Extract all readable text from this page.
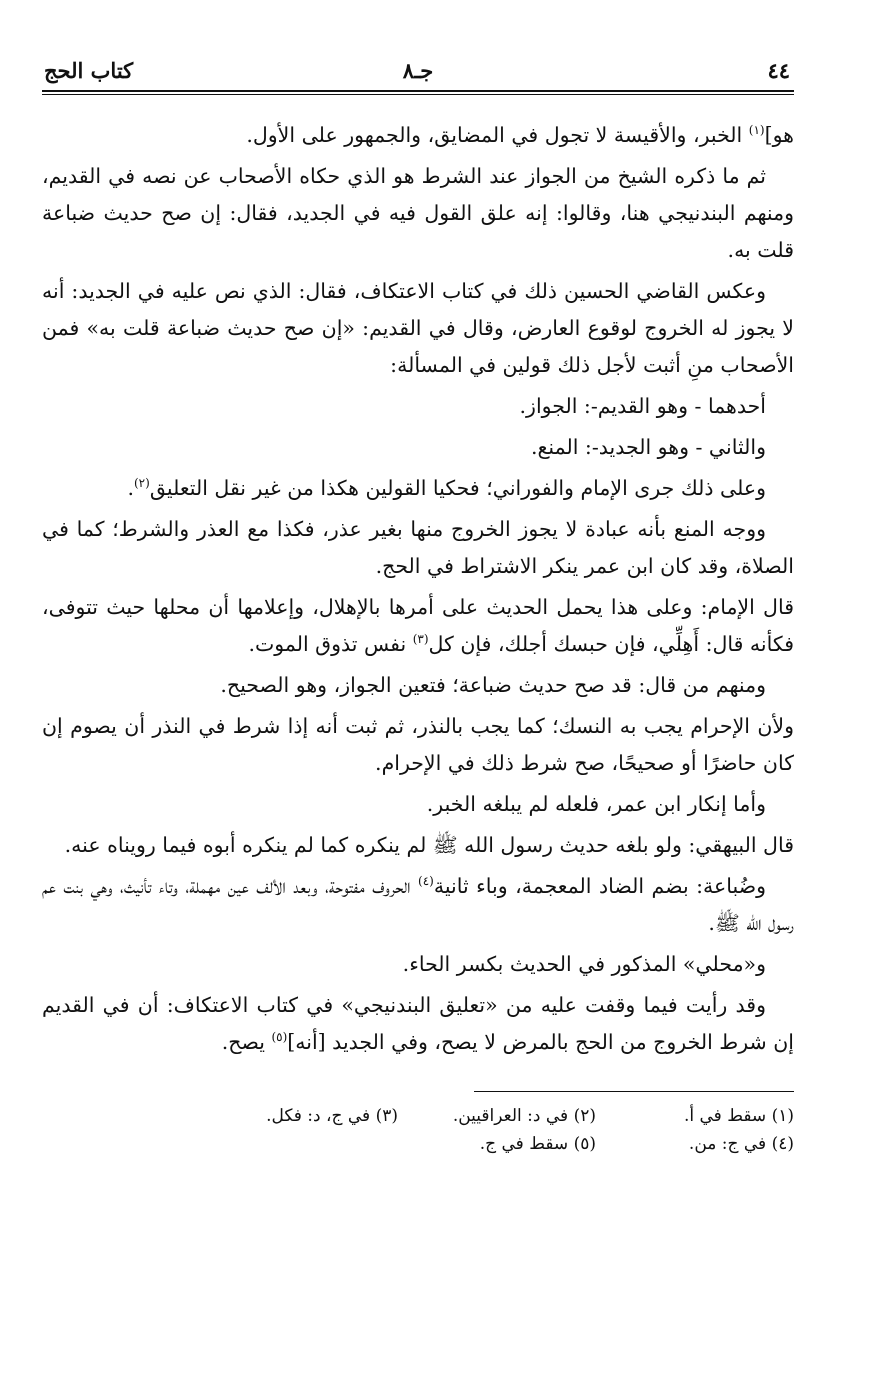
٤٤
جـ٨
كتاب الحج

هو]$^{(١)}$ الخبر، والأقيسة لا تجول في المضايق، والجمهور على الأول.

ثم ما ذكره الشيخ من الجواز عند الشرط هو الذي حكاه الأصحاب عن نصه في القديم، ومنهم البندنيجي هنا، وقالوا: إنه علق القول فيه في الجديد، فقال: إن صح حديث ضباعة قلت به.

وعكس القاضي الحسين ذلك في كتاب الاعتكاف، فقال: الذي نص عليه في الجديد: أنه لا يجوز له الخروج لوقوع العارض، وقال في القديم: «إن صح حديث ضباعة قلت به» فمن الأصحاب منِ أثبت لأجل ذلك قولين في المسألة:

أحدهما - وهو القديم-: الجواز.

والثاني - وهو الجديد-: المنع.

وعلى ذلك جرى الإمام والفوراني؛ فحكيا القولين هكذا من غير نقل التعليق$^{(٢)}$.

ووجه المنع بأنه عبادة لا يجوز الخروج منها بغير عذر، فكذا مع العذر والشرط؛ كما في الصلاة، وقد كان ابن عمر ينكر الاشتراط في الحج.

قال الإمام: وعلى هذا يحمل الحديث على أمرها بالإهلال، وإعلامها أن محلها حيث تتوفى، فكأنه قال: أَهِلِّي، فإن حبسك أجلك، فإن كل$^{(٣)}$ نفس تذوق الموت.

ومنهم من قال: قد صح حديث ضباعة؛ فتعين الجواز، وهو الصحيح.

ولأن الإحرام يجب به النسك؛ كما يجب بالنذر، ثم ثبت أنه إذا شرط في النذر أن يصوم إن كان حاضرًا أو صحيحًا، صح شرط ذلك في الإحرام.

وأما إنكار ابن عمر، فلعله لم يبلغه الخبر.

قال البيهقي: ولو بلغه حديث رسول الله ﷺ لم ينكره كما لم ينكره أبوه فيما رويناه عنه.

وضُباعة: بضم الضاد المعجمة، وباء ثانية$^{(٤)}$ الحروف مفتوحة، وبعد الألف عين مهملة، وتاء تأنيث، وهي بنت عم رسول الله ﷺ.

و«محلي» المذكور في الحديث بكسر الحاء.

وقد رأيت فيما وقفت عليه من «تعليق البندنيجي» في كتاب الاعتكاف: أن في القديم إن شرط الخروج من الحج بالمرض لا يصح، وفي الجديد [أنه]$^{(٥)}$ يصح.

(١) سقط في أ.
(٢) في د: العراقيين.
(٣) في ج، د: فكل.
(٤) في ج: من.
(٥) سقط في ج.
